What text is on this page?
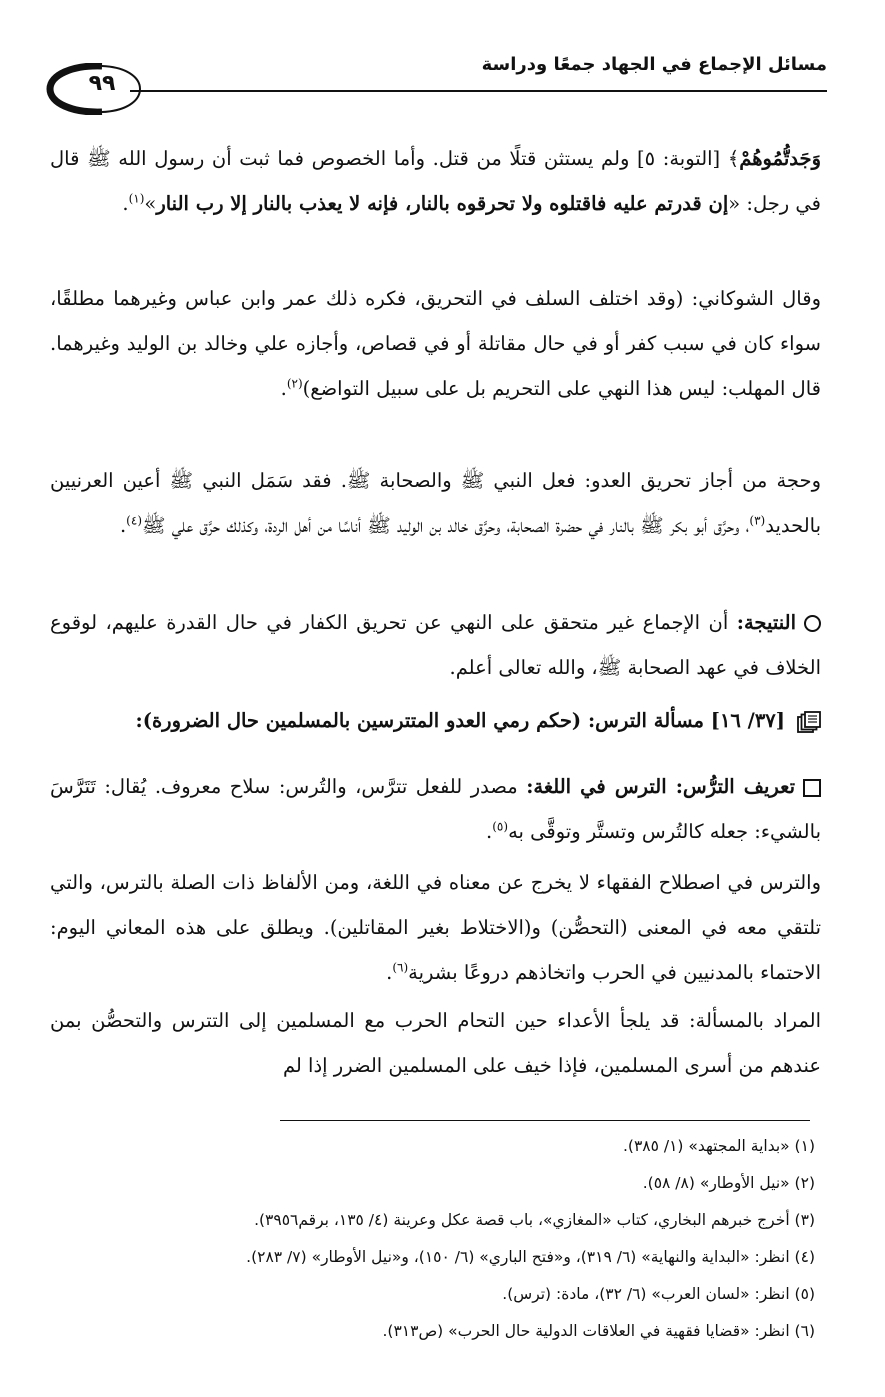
مسائل الإجماع في الجهاد جمعًا ودراسة
٩٩
وَجَدتُّمُوهُمْ﴾ [التوبة: ٥] ولم يستثن قتلًا من قتل. وأما الخصوص فما ثبت أن رسول الله ﷺ قال في رجل: «إن قدرتم عليه فاقتلوه ولا تحرقوه بالنار، فإنه لا يعذب بالنار إلا رب النار»$^{(١)}$.
وقال الشوكاني: (وقد اختلف السلف في التحريق، فكره ذلك عمر وابن عباس وغيرهما مطلقًا، سواء كان في سبب كفر أو في حال مقاتلة أو في قصاص، وأجازه علي وخالد بن الوليد وغيرهما. قال المهلب: ليس هذا النهي على التحريم بل على سبيل التواضع)$^{(٢)}$.
وحجة من أجاز تحريق العدو: فعل النبي ﷺ والصحابة ﷺ. فقد سَمَل النبي ﷺ أعين العرنيين بالحديد$^{(٣)}$، وحرَّق أبو بكر ﷺ بالنار في حضرة الصحابة، وحرَّق خالد بن الوليد ﷺ أناسًا من أهل الردة، وكذلك حرَّق علي ﷺ$^{(٤)}$.
النتيجة: أن الإجماع غير متحقق على النهي عن تحريق الكفار في حال القدرة عليهم، لوقوع الخلاف في عهد الصحابة ﷺ، والله تعالى أعلم.
[٣٧/ ١٦] مسألة الترس: (حكم رمي العدو المتترسين بالمسلمين حال الضرورة):
تعريف الترُّس: الترس في اللغة: مصدر للفعل تترَّس، والتُرس: سلاح معروف. يُقال: تَتَرَّسَ بالشيء: جعله كالتُرس وتستَّر وتوقَّى به$^{(٥)}$.
والترس في اصطلاح الفقهاء لا يخرج عن معناه في اللغة، ومن الألفاظ ذات الصلة بالترس، والتي تلتقي معه في المعنى (التحصُّن) و(الاختلاط بغير المقاتلين). ويطلق على هذه المعاني اليوم: الاحتماء بالمدنيين في الحرب واتخاذهم دروعًا بشرية$^{(٦)}$.
المراد بالمسألة: قد يلجأ الأعداء حين التحام الحرب مع المسلمين إلى التترس والتحصُّن بمن عندهم من أسرى المسلمين، فإذا خيف على المسلمين الضرر إذا لم
(١) «بداية المجتهد» (١/ ٣٨٥).
(٢) «نيل الأوطار» (٨/ ٥٨).
(٣) أخرج خبرهم البخاري، كتاب «المغازي»، باب قصة عكل وعرينة (٤/ ١٣٥، برقم٣٩٥٦).
(٤) انظر: «البداية والنهاية» (٦/ ٣١٩)، و«فتح الباري» (٦/ ١٥٠)، و«نيل الأوطار» (٧/ ٢٨٣).
(٥) انظر: «لسان العرب» (٦/ ٣٢)، مادة: (ترس).
(٦) انظر: «قضايا فقهية في العلاقات الدولية حال الحرب» (ص٣١٣).
